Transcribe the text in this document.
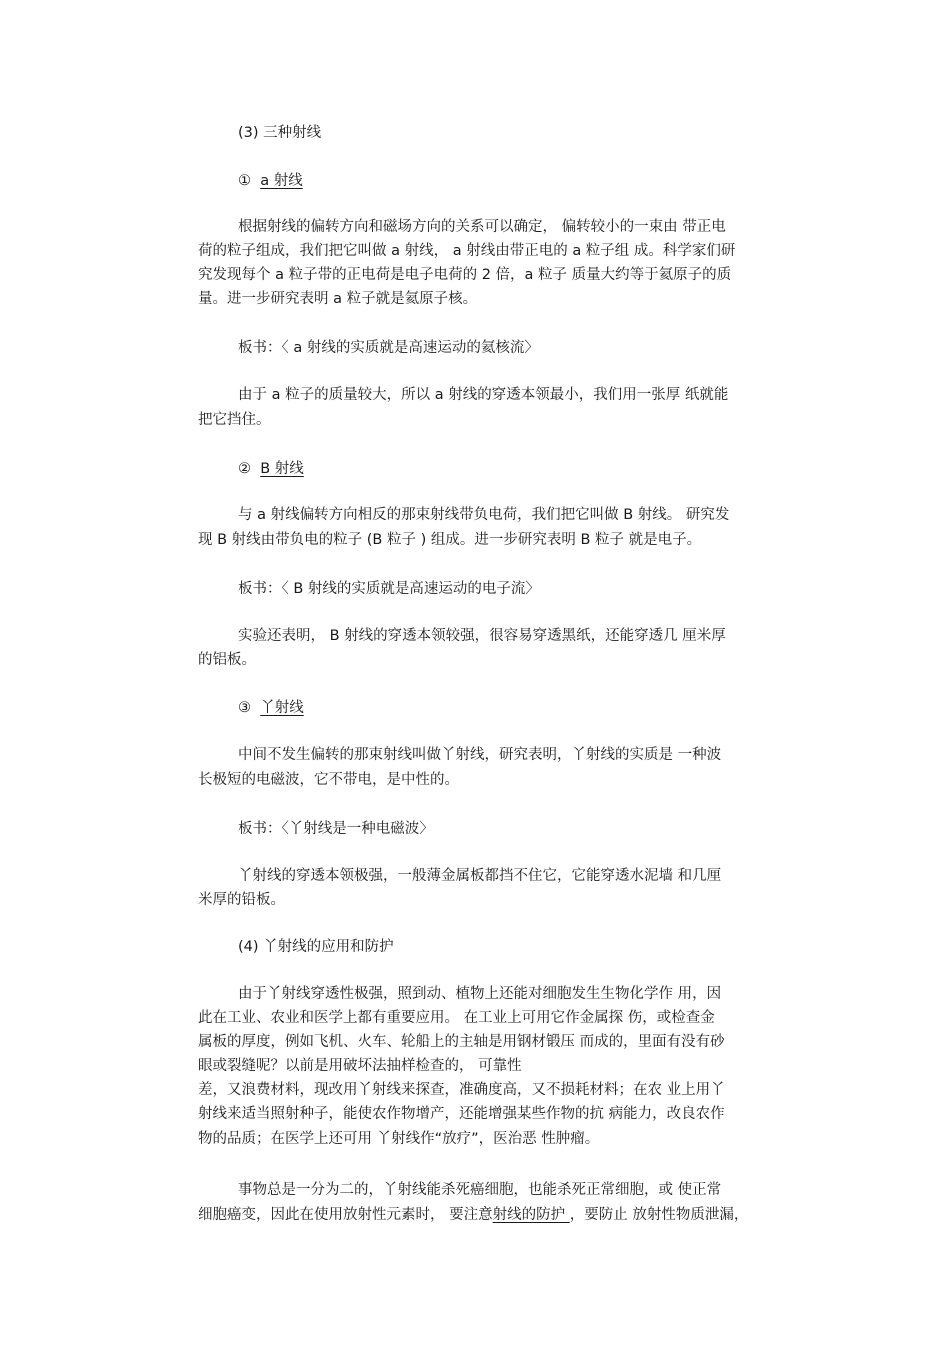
(3) 三种射线
① a 射线
根据射线的偏转方向和磁场方向的关系可以确定， 偏转较小的一束由 带正电
荷的粒子组成，我们把它叫做 a 射线， a 射线由带正电的 a 粒子组 成。科学家们研
究发现每个 a 粒子带的正电荷是电子电荷的 2 倍，a 粒子 质量大约等于氦原子的质
量。进一步研究表明 a 粒子就是氦原子核。
板书：〈 a 射线的实质就是高速运动的氦核流〉
由于 a 粒子的质量较大，所以 a 射线的穿透本领最小，我们用一张厚 纸就能
把它挡住。
② B 射线
与 a 射线偏转方向相反的那束射线带负电荷，我们把它叫做 B 射线。 研究发
现 B 射线由带负电的粒子 (B 粒子 ) 组成。进一步研究表明 B 粒子 就是电子。
板书：〈 B 射线的实质就是高速运动的电子流〉
实验还表明， B 射线的穿透本领较强，很容易穿透黑纸，还能穿透几 厘米厚
的铝板。
③ 丫射线
中间不发生偏转的那束射线叫做丫射线，研究表明，丫射线的实质是 一种波
长极短的电磁波，它不带电，是中性的。
板书：〈丫射线是一种电磁波〉
丫射线的穿透本领极强，一般薄金属板都挡不住它，它能穿透水泥墙 和几厘
米厚的铅板。
(4) 丫射线的应用和防护
由于丫射线穿透性极强，照到动、植物上还能对细胞发生生物化学作 用，因
此在工业、农业和医学上都有重要应用。 在工业上可用它作金属探 伤，或检查金
属板的厚度，例如飞机、火车、轮船上的主轴是用钢材锻压 而成的，里面有没有砂
眼或裂缝呢？以前是用破坏法抽样检查的， 可靠性
差，又浪费材料，现改用丫射线来探查，准确度高，又不损耗材料；在农 业上用丫
射线来适当照射种子，能使农作物增产，还能增强某些作物的抗 病能力，改良农作
物的品质；在医学上还可用 丫射线作“放疗”，医治恶 性肿瘤。
事物总是一分为二的，丫射线能杀死癌细胞，也能杀死正常细胞，或 使正常
细胞癌变，因此在使用放射性元素时， 要注意射线的防护 ，要防止 放射性物质泄漏，
